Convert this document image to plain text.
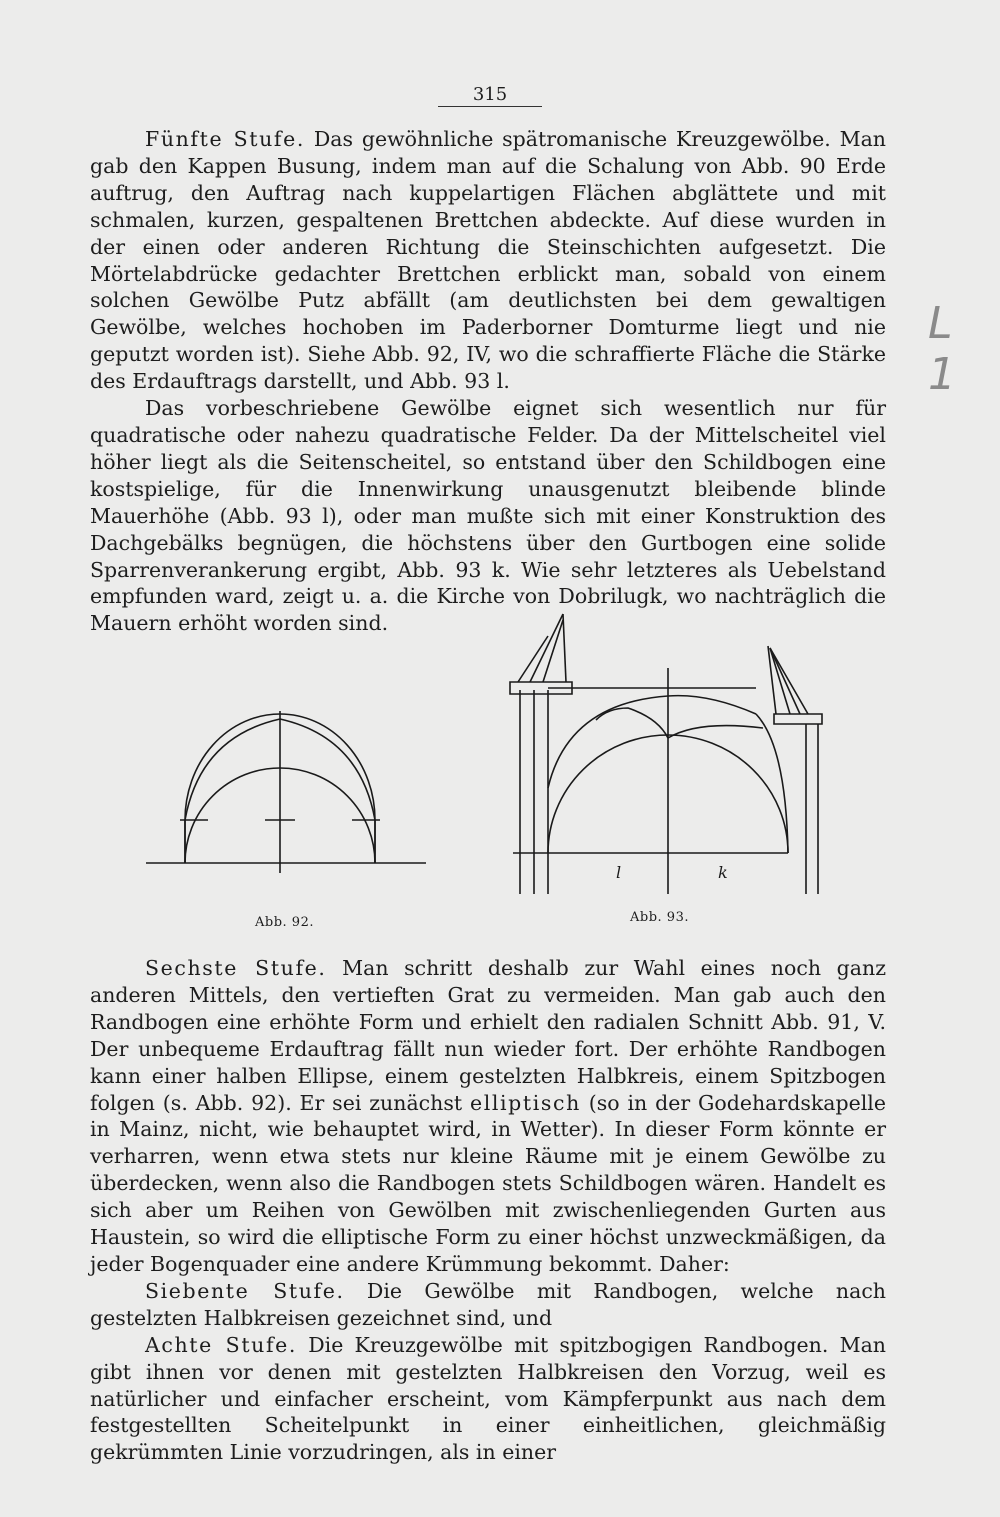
315
L 1

Fünfte Stufe. Das gewöhnliche spätromanische Kreuzgewölbe. Man gab den Kappen Busung, indem man auf die Schalung von Abb. 90 Erde auftrug, den Auftrag nach kuppelartigen Flächen abglättete und mit schmalen, kurzen, gespaltenen Brettchen abdeckte. Auf diese wurden in der einen oder anderen Richtung die Steinschichten aufgesetzt. Die Mörtelabdrücke gedachter Brettchen erblickt man, sobald von einem solchen Gewölbe Putz abfällt (am deutlichsten bei dem gewaltigen Gewölbe, welches hochoben im Paderborner Domturme liegt und nie geputzt worden ist). Siehe Abb. 92, IV, wo die schraffierte Fläche die Stärke des Erdauftrags darstellt, und Abb. 93 l.

Das vorbeschriebene Gewölbe eignet sich wesentlich nur für quadratische oder nahezu quadratische Felder. Da der Mittelscheitel viel höher liegt als die Seitenscheitel, so entstand über den Schildbogen eine kostspielige, für die Innenwirkung unausgenutzt bleibende blinde Mauerhöhe (Abb. 93 l), oder man mußte sich mit einer Konstruktion des Dachgebälks begnügen, die höchstens über den Gurtbogen eine solide Sparrenverankerung ergibt, Abb. 93 k. Wie sehr letzteres als Uebelstand empfunden ward, zeigt u. a. die Kirche von Dobrilugk, wo nachträglich die Mauern erhöht worden sind.

Abb. 92.
l	k
Abb. 93.

Sechste Stufe. Man schritt deshalb zur Wahl eines noch ganz anderen Mittels, den vertieften Grat zu vermeiden. Man gab auch den Randbogen eine erhöhte Form und erhielt den radialen Schnitt Abb. 91, V. Der unbequeme Erdauftrag fällt nun wieder fort. Der erhöhte Randbogen kann einer halben Ellipse, einem gestelzten Halbkreis, einem Spitzbogen folgen (s. Abb. 92). Er sei zunächst elliptisch (so in der Godehardskapelle in Mainz, nicht, wie behauptet wird, in Wetter). In dieser Form könnte er verharren, wenn etwa stets nur kleine Räume mit je einem Gewölbe zu überdecken, wenn also die Randbogen stets Schildbogen wären. Handelt es sich aber um Reihen von Gewölben mit zwischenliegenden Gurten aus Haustein, so wird die elliptische Form zu einer höchst unzweckmäßigen, da jeder Bogenquader eine andere Krümmung bekommt. Daher:

Siebente Stufe. Die Gewölbe mit Randbogen, welche nach gestelzten Halbkreisen gezeichnet sind, und

Achte Stufe. Die Kreuzgewölbe mit spitzbogigen Randbogen. Man gibt ihnen vor denen mit gestelzten Halbkreisen den Vorzug, weil es natürlicher und einfacher erscheint, vom Kämpferpunkt aus nach dem festgestellten Scheitelpunkt in einer einheitlichen, gleichmäßig gekrümmten Linie vorzudringen, als in einer
